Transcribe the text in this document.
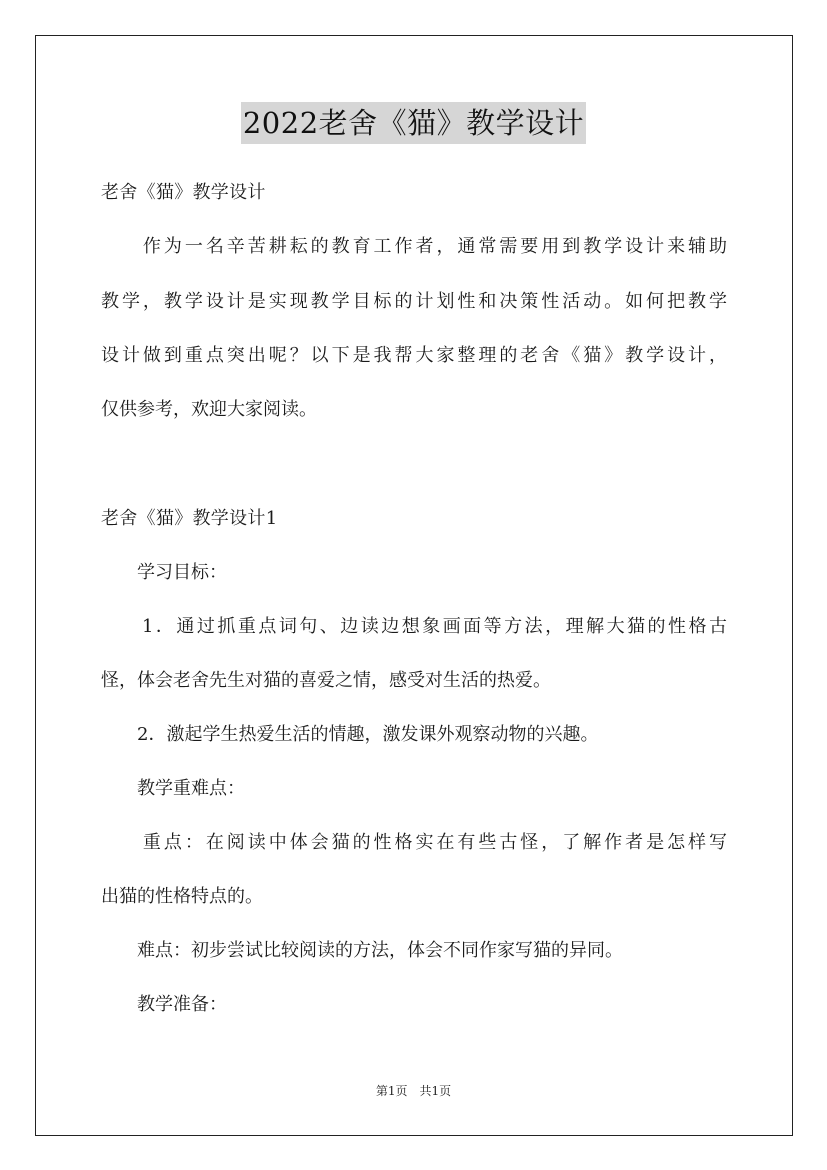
2022老舍《猫》教学设计
老舍《猫》教学设计
　　作为一名辛苦耕耘的教育工作者，通常需要用到教学设计来辅助
教学，教学设计是实现教学目标的计划性和决策性活动。如何把教学
设计做到重点突出呢？以下是我帮大家整理的老舍《猫》教学设计，
仅供参考，欢迎大家阅读。
老舍《猫》教学设计1
　　学习目标：
　　1．通过抓重点词句、边读边想象画面等方法，理解大猫的性格古
怪，体会老舍先生对猫的喜爱之情，感受对生活的热爱。
　　2．激起学生热爱生活的情趣，激发课外观察动物的兴趣。
　　教学重难点：
　　重点：在阅读中体会猫的性格实在有些古怪，了解作者是怎样写
出猫的性格特点的。
　　难点：初步尝试比较阅读的方法，体会不同作家写猫的异同。
　　教学准备：
第1页　共1页
